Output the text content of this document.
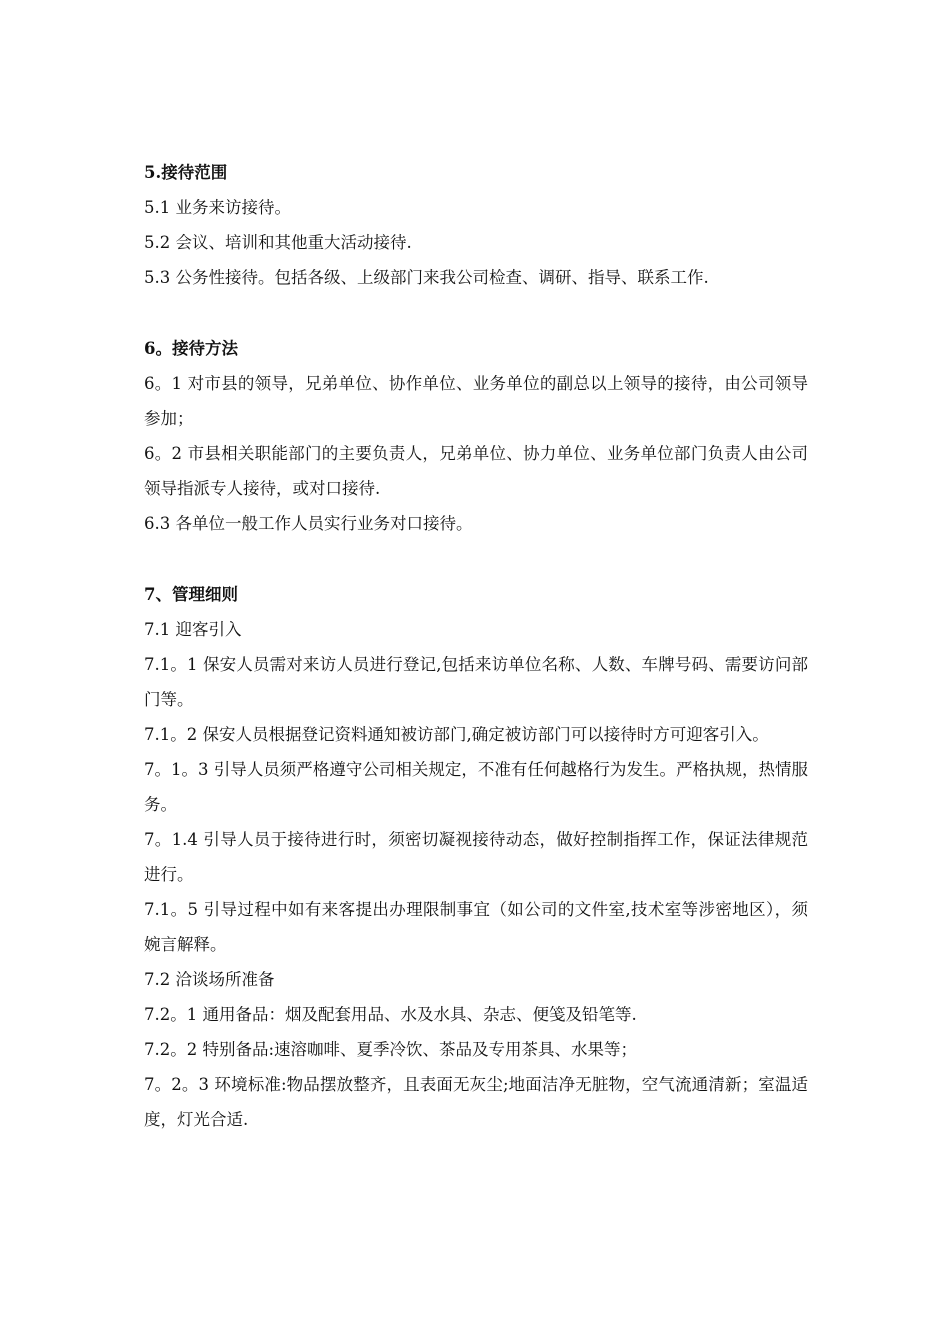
5.接待范围

5.1 业务来访接待。

5.2 会议、培训和其他重大活动接待.

5.3 公务性接待。包括各级、上级部门来我公司检查、调研、指导、联系工作.

6。接待方法

6。1 对市县的领导，兄弟单位、协作单位、业务单位的副总以上领导的接待，由公司领导参加；

6。2 市县相关职能部门的主要负责人，兄弟单位、协力单位、业务单位部门负责人由公司领导指派专人接待，或对口接待.

6.3 各单位一般工作人员实行业务对口接待。

7、管理细则

7.1 迎客引入

7.1。1 保安人员需对来访人员进行登记,包括来访单位名称、人数、车牌号码、需要访问部门等。

7.1。2 保安人员根据登记资料通知被访部门,确定被访部门可以接待时方可迎客引入。

7。1。3 引导人员须严格遵守公司相关规定，不准有任何越格行为发生。严格执规，热情服务。

7。1.4 引导人员于接待进行时，须密切凝视接待动态，做好控制指挥工作，保证法律规范进行。

7.1。5 引导过程中如有来客提出办理限制事宜（如公司的文件室,技术室等涉密地区），须婉言解释。

7.2 洽谈场所准备

7.2。1 通用备品：烟及配套用品、水及水具、杂志、便笺及铅笔等.

7.2。2 特别备品:速溶咖啡、夏季冷饮、茶品及专用茶具、水果等；

7。2。3 环境标准:物品摆放整齐，且表面无灰尘;地面洁净无脏物，空气流通清新；室温适度，灯光合适.
